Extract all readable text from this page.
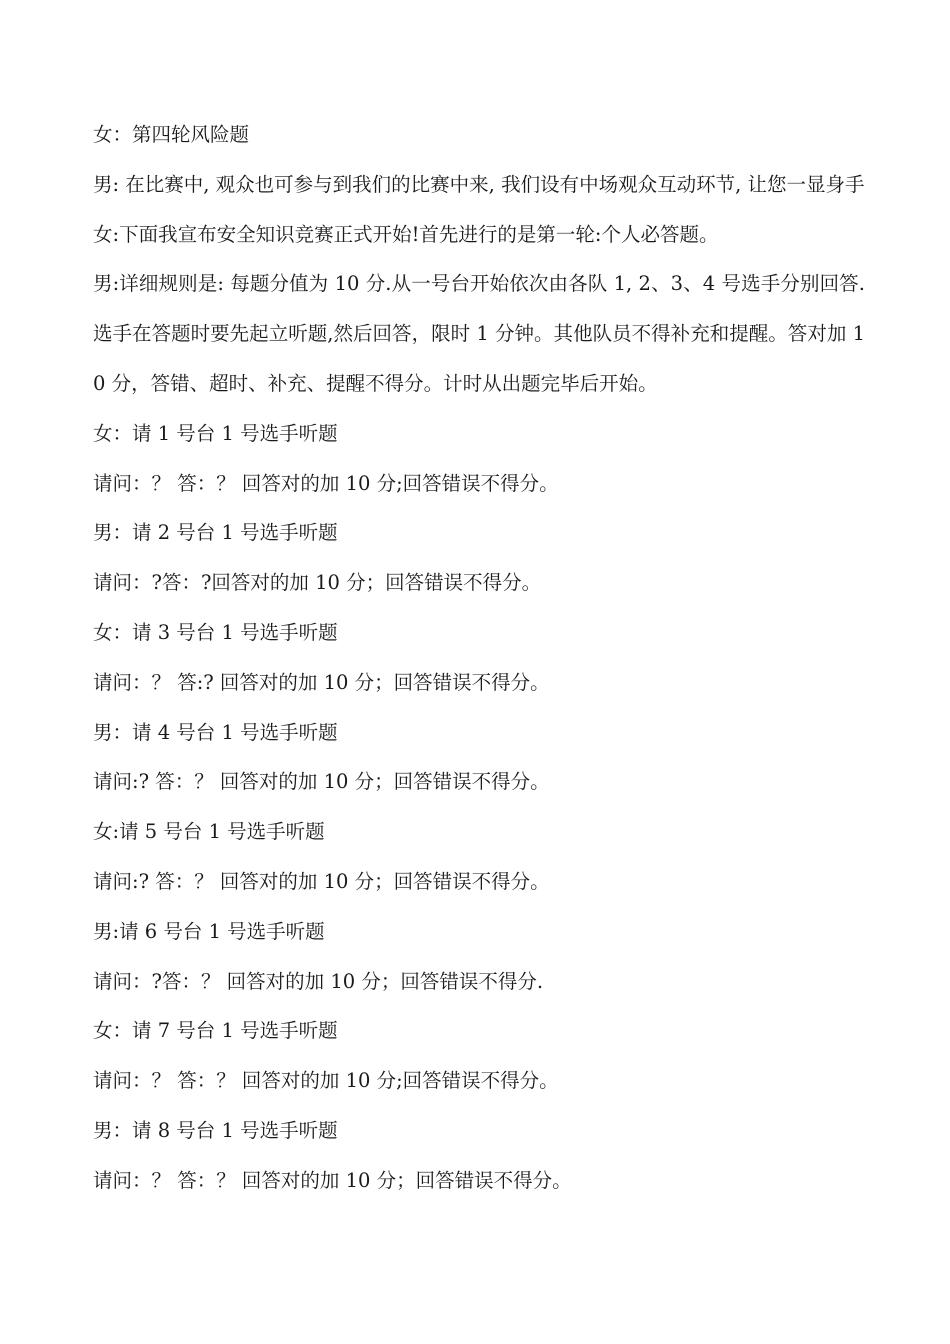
女：第四轮风险题

男: 在比赛中, 观众也可参与到我们的比赛中来, 我们设有中场观众互动环节, 让您一显身手

女:下面我宣布安全知识竞赛正式开始!首先进行的是第一轮:个人必答题。

男:详细规则是: 每题分值为 10 分.从一号台开始依次由各队 1, 2、3、4 号选手分别回答.选手在答题时要先起立听题,然后回答，限时 1 分钟。其他队员不得补充和提醒。答对加 10 分，答错、超时、补充、提醒不得分。计时从出题完毕后开始。

女：请 1 号台 1 号选手听题

请问：？ 答：？ 回答对的加 10 分;回答错误不得分。

男：请 2 号台 1 号选手听题

请问：?答：?回答对的加 10 分；回答错误不得分。

女：请 3 号台 1 号选手听题

请问：？ 答:? 回答对的加 10 分；回答错误不得分。

男：请 4 号台 1 号选手听题

请问:? 答：？ 回答对的加 10 分；回答错误不得分。

女:请 5 号台 1 号选手听题

请问:? 答：？ 回答对的加 10 分；回答错误不得分。

男:请 6 号台 1 号选手听题

请问：?答：？ 回答对的加 10 分；回答错误不得分.

女：请 7 号台 1 号选手听题

请问：？ 答：？ 回答对的加 10 分;回答错误不得分。

男：请 8 号台 1 号选手听题

请问：？ 答：？ 回答对的加 10 分；回答错误不得分。
